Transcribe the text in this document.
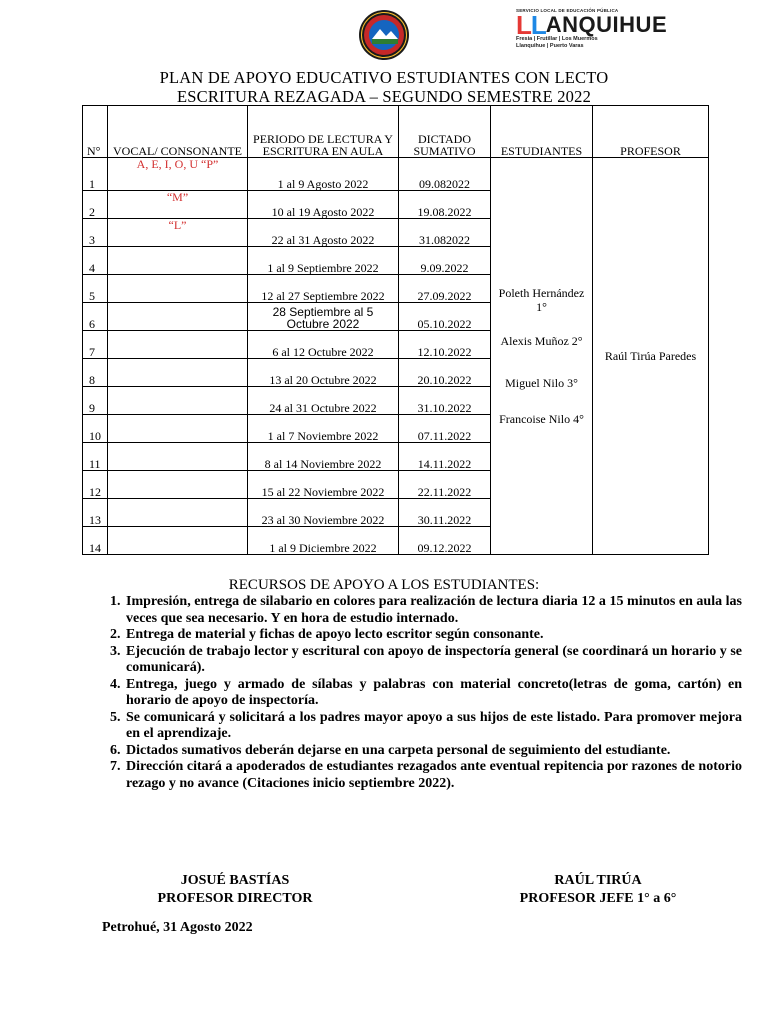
SERVICIO LOCAL DE EDUCACIÓN PÚBLICA
LL ANQUIHUE
Fresia | Frutillar | Los Muermos
Llanquihue | Puerto Varas
PLAN DE APOYO EDUCATIVO ESTUDIANTES CON LECTO
ESCRITURA REZAGADA – SEGUNDO SEMESTRE 2022
N°	VOCAL/ CONSONANTE	PERIODO DE LECTURA Y ESCRITURA EN AULA	DICTADO SUMATIVO	ESTUDIANTES	PROFESOR
1	A, E, I, O, U “P”	1 al 9 Agosto 2022	09.082022	Poleth Hernández 1°
Alexis Muñoz 2°
Miguel Nilo 3°
Francoise Nilo 4°	Raúl Tirúa Paredes
2	“M”	10 al 19 Agosto 2022	19.08.2022		
3	“L”	22 al 31 Agosto 2022	31.082022		
4		1 al 9 Septiembre 2022	9.09.2022		
5		12 al 27 Septiembre 2022	27.09.2022		
6		28 Septiembre al 5 Octubre 2022	05.10.2022		
7		6 al 12 Octubre 2022	12.10.2022		
8		13 al 20 Octubre 2022	20.10.2022		
9		24 al 31 Octubre 2022	31.10.2022		
10		1 al 7 Noviembre 2022	07.11.2022		
11		8 al 14 Noviembre 2022	14.11.2022		
12		15 al 22 Noviembre 2022	22.11.2022		
13		23 al 30 Noviembre 2022	30.11.2022		
14		1 al 9 Diciembre 2022	09.12.2022		
RECURSOS DE APOYO A LOS ESTUDIANTES:
1. Impresión, entrega de silabario en colores para realización de lectura diaria 12 a 15 minutos en aula las veces que sea necesario. Y en hora de estudio internado.
2. Entrega de material y fichas de apoyo lecto escritor según consonante.
3. Ejecución de trabajo lector y escritural con apoyo de inspectoría general (se coordinará un horario y se comunicará).
4. Entrega, juego y armado de sílabas y palabras con material concreto(letras de goma, cartón) en horario de apoyo de inspectoría.
5. Se comunicará y solicitará a los padres mayor apoyo a sus hijos de este listado. Para promover mejora en el aprendizaje.
6. Dictados sumativos deberán dejarse en una carpeta personal de seguimiento del estudiante.
7. Dirección citará a apoderados de estudiantes rezagados ante eventual repitencia por razones de notorio rezago y no avance (Citaciones inicio septiembre 2022).
JOSUÉ BASTÍAS
PROFESOR DIRECTOR
RAÚL TIRÚA
PROFESOR JEFE 1° a 6°
Petrohué, 31 Agosto 2022
